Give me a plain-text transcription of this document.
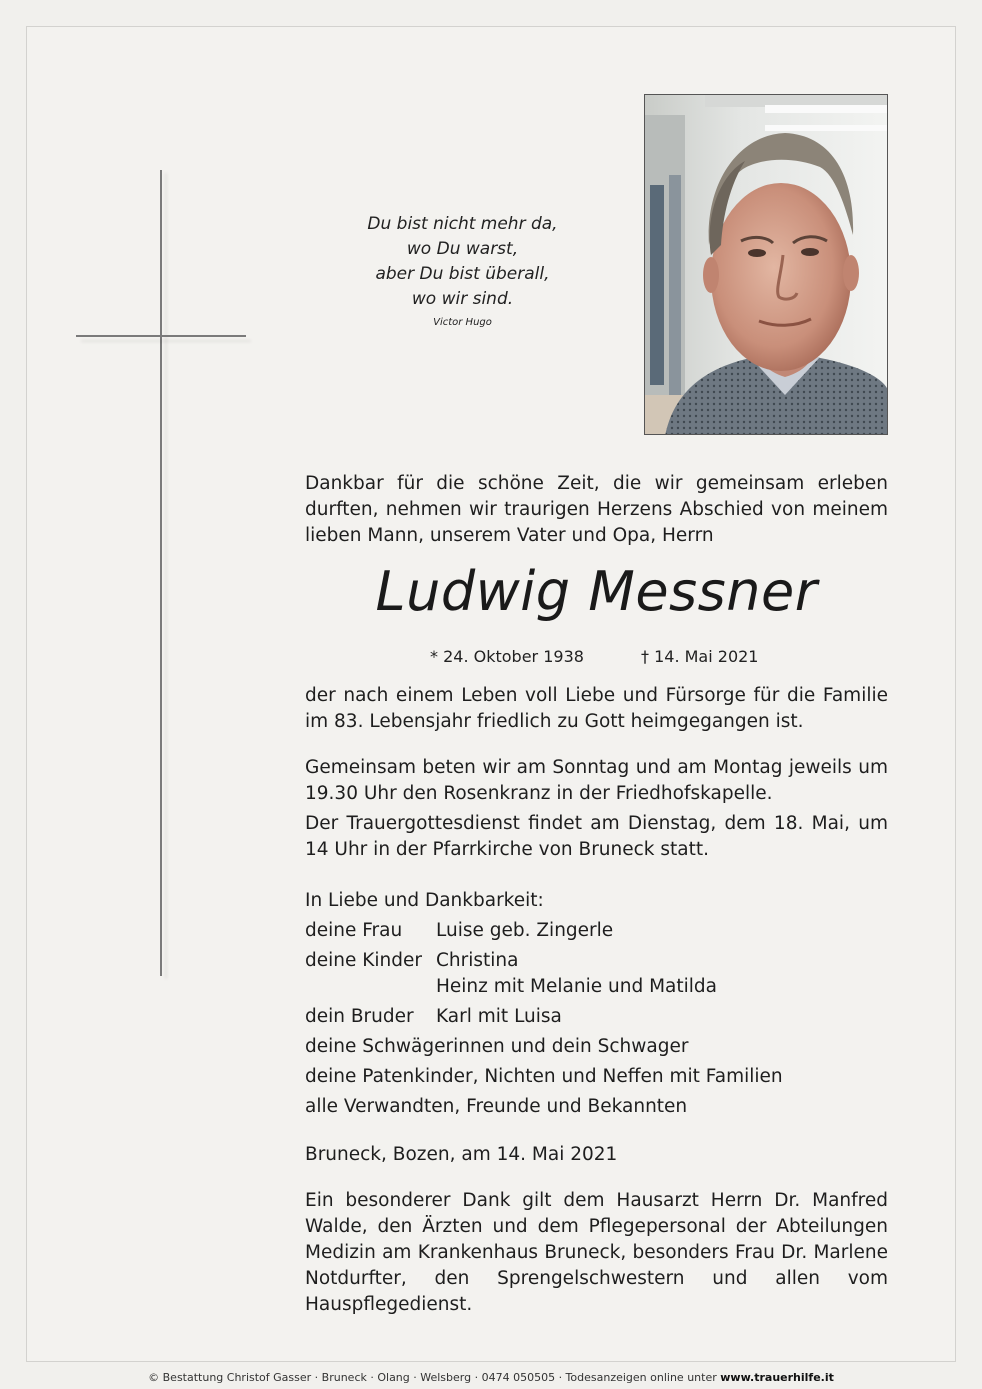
Du bist nicht mehr da,
wo Du warst,
aber Du bist überall,
wo wir sind.
Victor Hugo
Dankbar für die schöne Zeit, die wir gemeinsam erleben durften, nehmen wir traurigen Herzens Abschied von meinem lieben Mann, unserem Vater und Opa, Herrn
Ludwig Messner
* 24. Oktober 1938	† 14. Mai 2021
der nach einem Leben voll Liebe und Fürsorge für die Familie im 83. Lebensjahr friedlich zu Gott heimgegangen ist.
Gemeinsam beten wir am Sonntag und am Montag jeweils um 19.30 Uhr den Rosenkranz in der Friedhofskapelle.
Der Trauergottesdienst findet am Dienstag, dem 18. Mai, um 14 Uhr in der Pfarrkirche von Bruneck statt.
In Liebe und Dankbarkeit:
deine Frau	Luise geb. Zingerle
deine Kinder Christina
Heinz mit Melanie und Matilda
dein Bruder	Karl mit Luisa
deine Schwägerinnen und dein Schwager
deine Patenkinder, Nichten und Neffen mit Familien
alle Verwandten, Freunde und Bekannten
Bruneck, Bozen, am 14. Mai 2021
Ein besonderer Dank gilt dem Hausarzt Herrn Dr. Manfred Walde, den Ärzten und dem Pflegepersonal der Abteilungen Medizin am Krankenhaus Bruneck, besonders Frau Dr. Marlene Notdurfter, den Sprengelschwestern und allen vom Hauspflegedienst.
© Bestattung Christof Gasser · Bruneck · Olang · Welsberg · 0474 050505 · Todesanzeigen online unter www.trauerhilfe.it
